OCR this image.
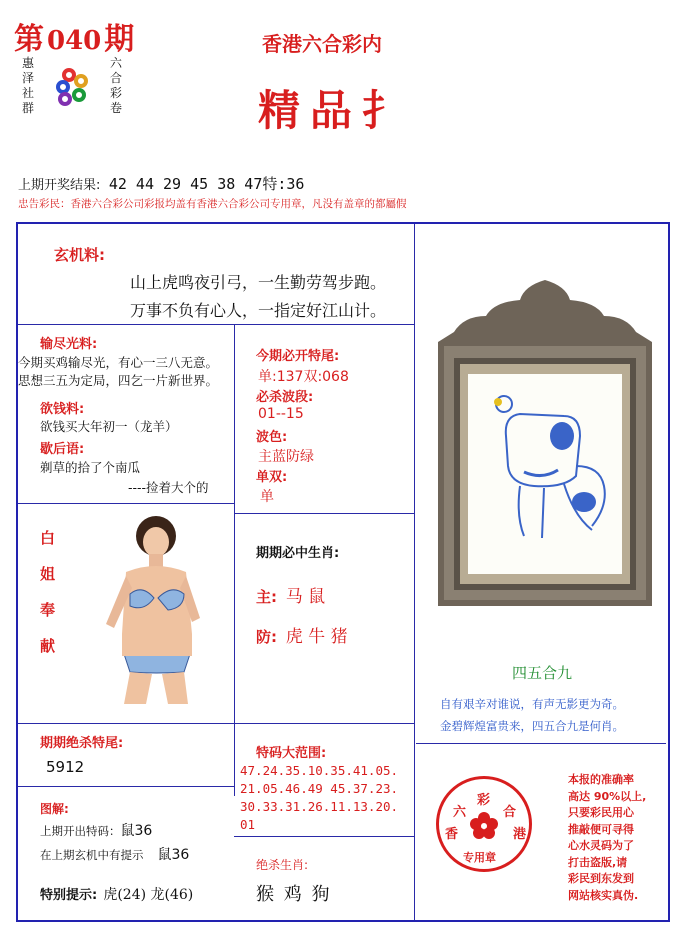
第 040 期
惠
泽
社
群
六
合
彩
卷
香港六合彩内
精品扌
上期开奖结果: 42 44 29 45 38 47特:36
忠告彩民：香港六合彩公司彩报均盖有香港六合彩公司专用章，凡没有盖章的都屬假
玄机料:
山上虎鸣夜引弓，一生勤劳驾步跑。
万事不负有心人，一指定好江山计。
输尽光料:
今期买鸡输尽光，有心一三八无意。
思想三五为定局，四乞一片新世界。
欲钱料:
欲钱买大年初一（龙羊）
歇后语:
剃草的拾了个南瓜
----捡着大个的
今期必开特尾:
单:137双:068
必杀波段:
01--15
波色:
主蓝防绿
单双:
单
白
姐
奉
献
期期必中生肖:
主: 马 鼠
防: 虎 牛 猪
四五合九
自有艰辛对谁说，有声无影更为奇。
金碧辉煌富贵来，四五合九是何肖。
期期绝杀特尾:
5912
特码大范围:
47.24.35.10.35.41.05.
21.05.46.49 45.37.23.
30.33.31.26.11.13.20.
01
图解:
上期开出特码：鼠36
在上期玄机中有提示 鼠36
特别提示: 虎(24) 龙(46)
绝杀生肖:
猴 鸡 狗
六
彩
合
香	港
专用章
本报的准确率
高达 90%以上,
只要彩民用心
推敲便可寻得
心水灵码为了
打击盗版,请
彩民到东发到
网站核实真伪.
